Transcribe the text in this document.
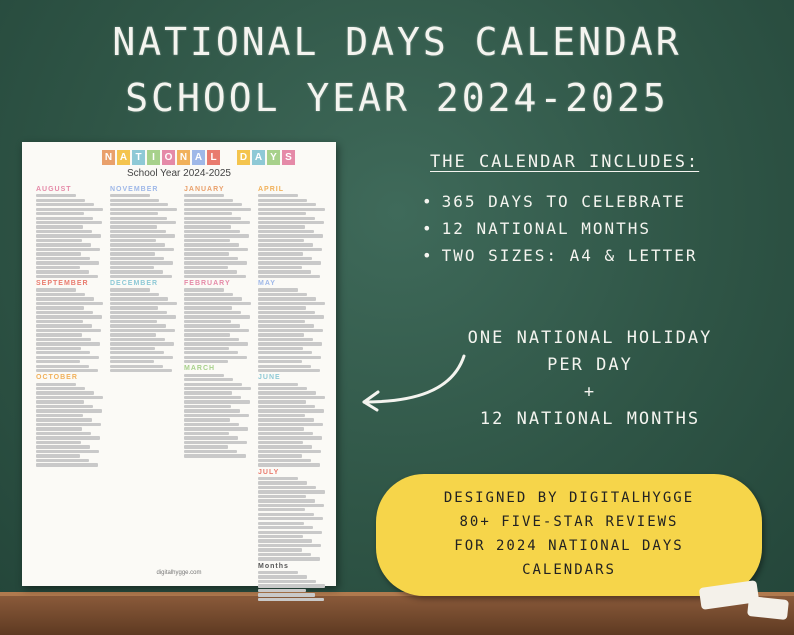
NATIONAL DAYS CALENDAR
SCHOOL YEAR 2024-2025
N A T	I O N A L	D A Y S
School Year 2024-2025
AUGUST
SEPTEMBER
OCTOBER
NOVEMBER
DECEMBER
JANUARY
FEBRUARY
MARCH
APRIL
MAY
JUNE
JULY
Months
digitalhygge.com
THE CALENDAR INCLUDES:
• 365 DAYS TO CELEBRATE
• 12 NATIONAL MONTHS
• TWO SIZES: A4 & LETTER
ONE NATIONAL HOLIDAY
PER DAY
+
12 NATIONAL MONTHS
DESIGNED BY DIGITALHYGGE
80+ FIVE-STAR REVIEWS
FOR 2024 NATIONAL DAYS
CALENDARS
